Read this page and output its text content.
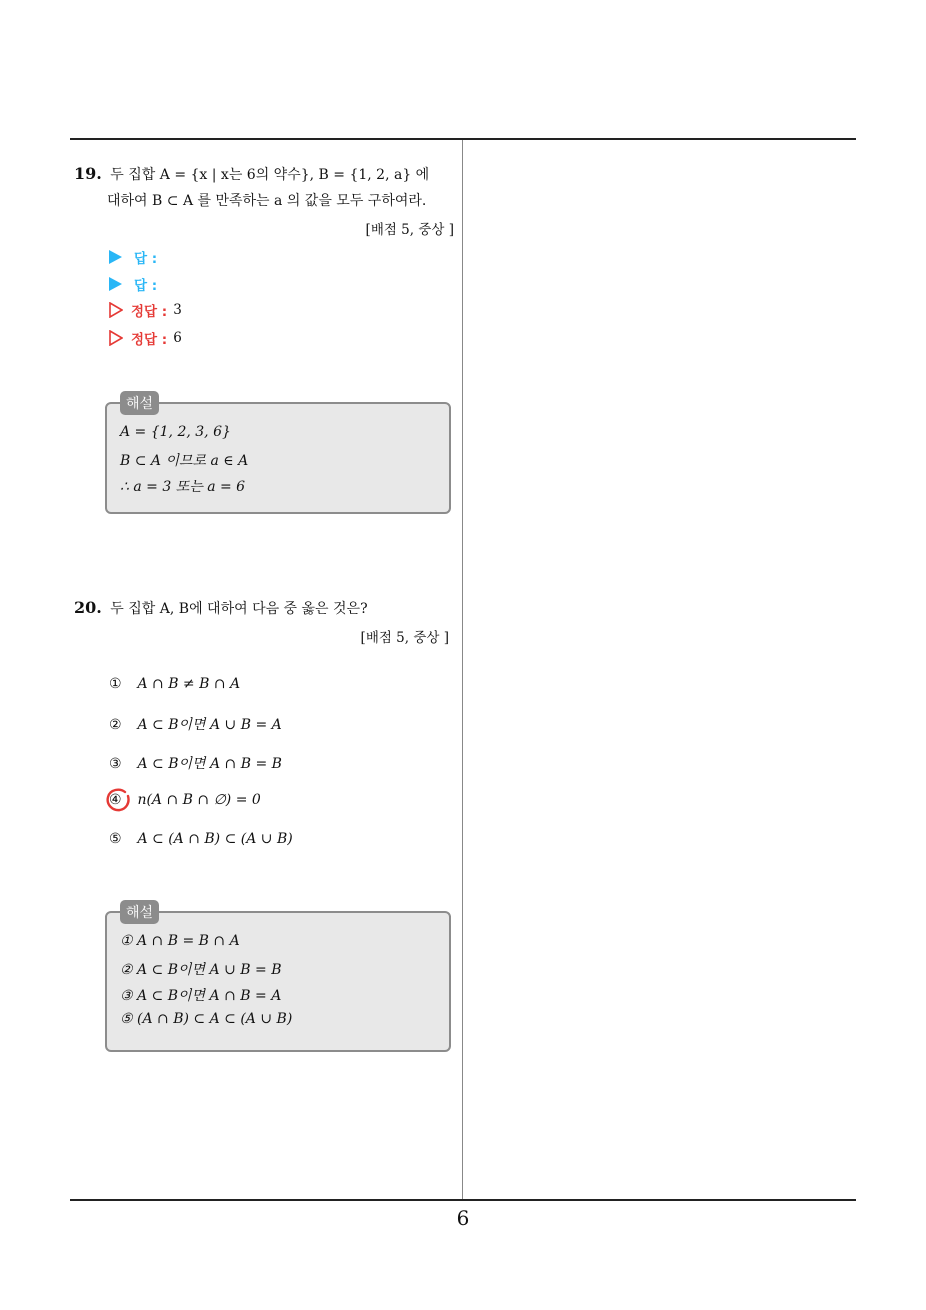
19. 두 집합 A = {x | x는 6의 약수}, B = {1, 2, a} 에
대하여 B ⊂ A 를 만족하는 a 의 값을 모두 구하여라.
[배점 5, 중상 ]
답 :
답 :
정답 : 3
정답 : 6
해설
A = {1, 2, 3, 6}
B ⊂ A 이므로 a ∈ A
∴ a = 3 또는 a = 6
20. 두 집합 A, B에 대하여 다음 중 옳은 것은?
[배점 5, 중상 ]
① A ∩ B ≠ B ∩ A
② A ⊂ B이면 A ∪ B = A
③ A ⊂ B이면 A ∩ B = B
④ n(A ∩ B ∩ ∅) = 0
⑤ A ⊂ (A ∩ B) ⊂ (A ∪ B)
해설
① A ∩ B = B ∩ A
② A ⊂ B이면 A ∪ B = B
③ A ⊂ B이면 A ∩ B = A
⑤ (A ∩ B) ⊂ A ⊂ (A ∪ B)
6
